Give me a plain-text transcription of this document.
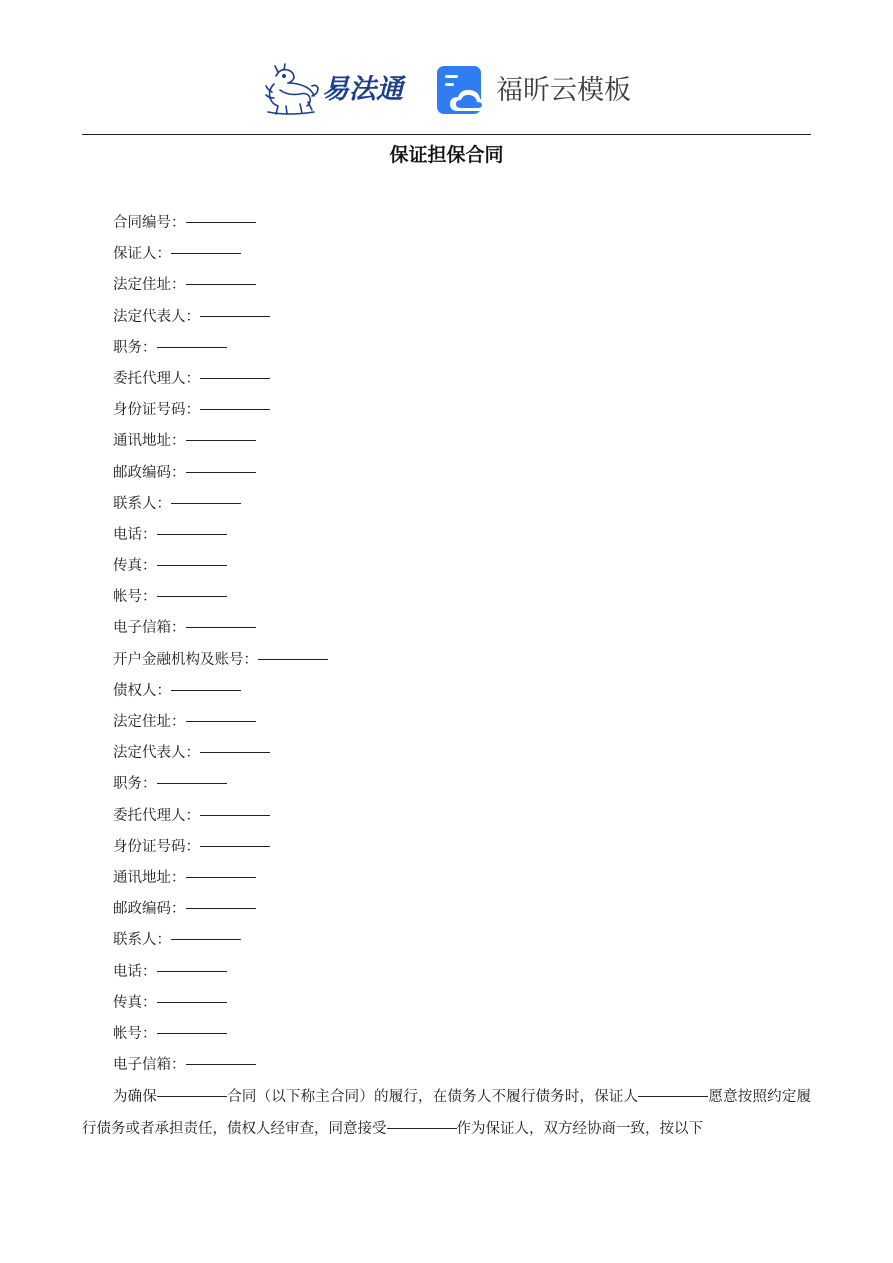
易法通	福昕云模板
保证担保合同
合同编号：
保证人：
法定住址：
法定代表人：
职务：
委托代理人：
身份证号码：
通讯地址：
邮政编码：
联系人：
电话：
传真：
帐号：
电子信箱：
开户金融机构及账号：
债权人：
法定住址：
法定代表人：
职务：
委托代理人：
身份证号码：
通讯地址：
邮政编码：
联系人：
电话：
传真：
帐号：
电子信箱：

为确保	合同（以下称主合同）的履行，在债务人不履行债务时，保证人	愿意按照约定履行债务或者承担责任，债权人经审查，同意接受	作为保证人，双方经协商一致，按以下
